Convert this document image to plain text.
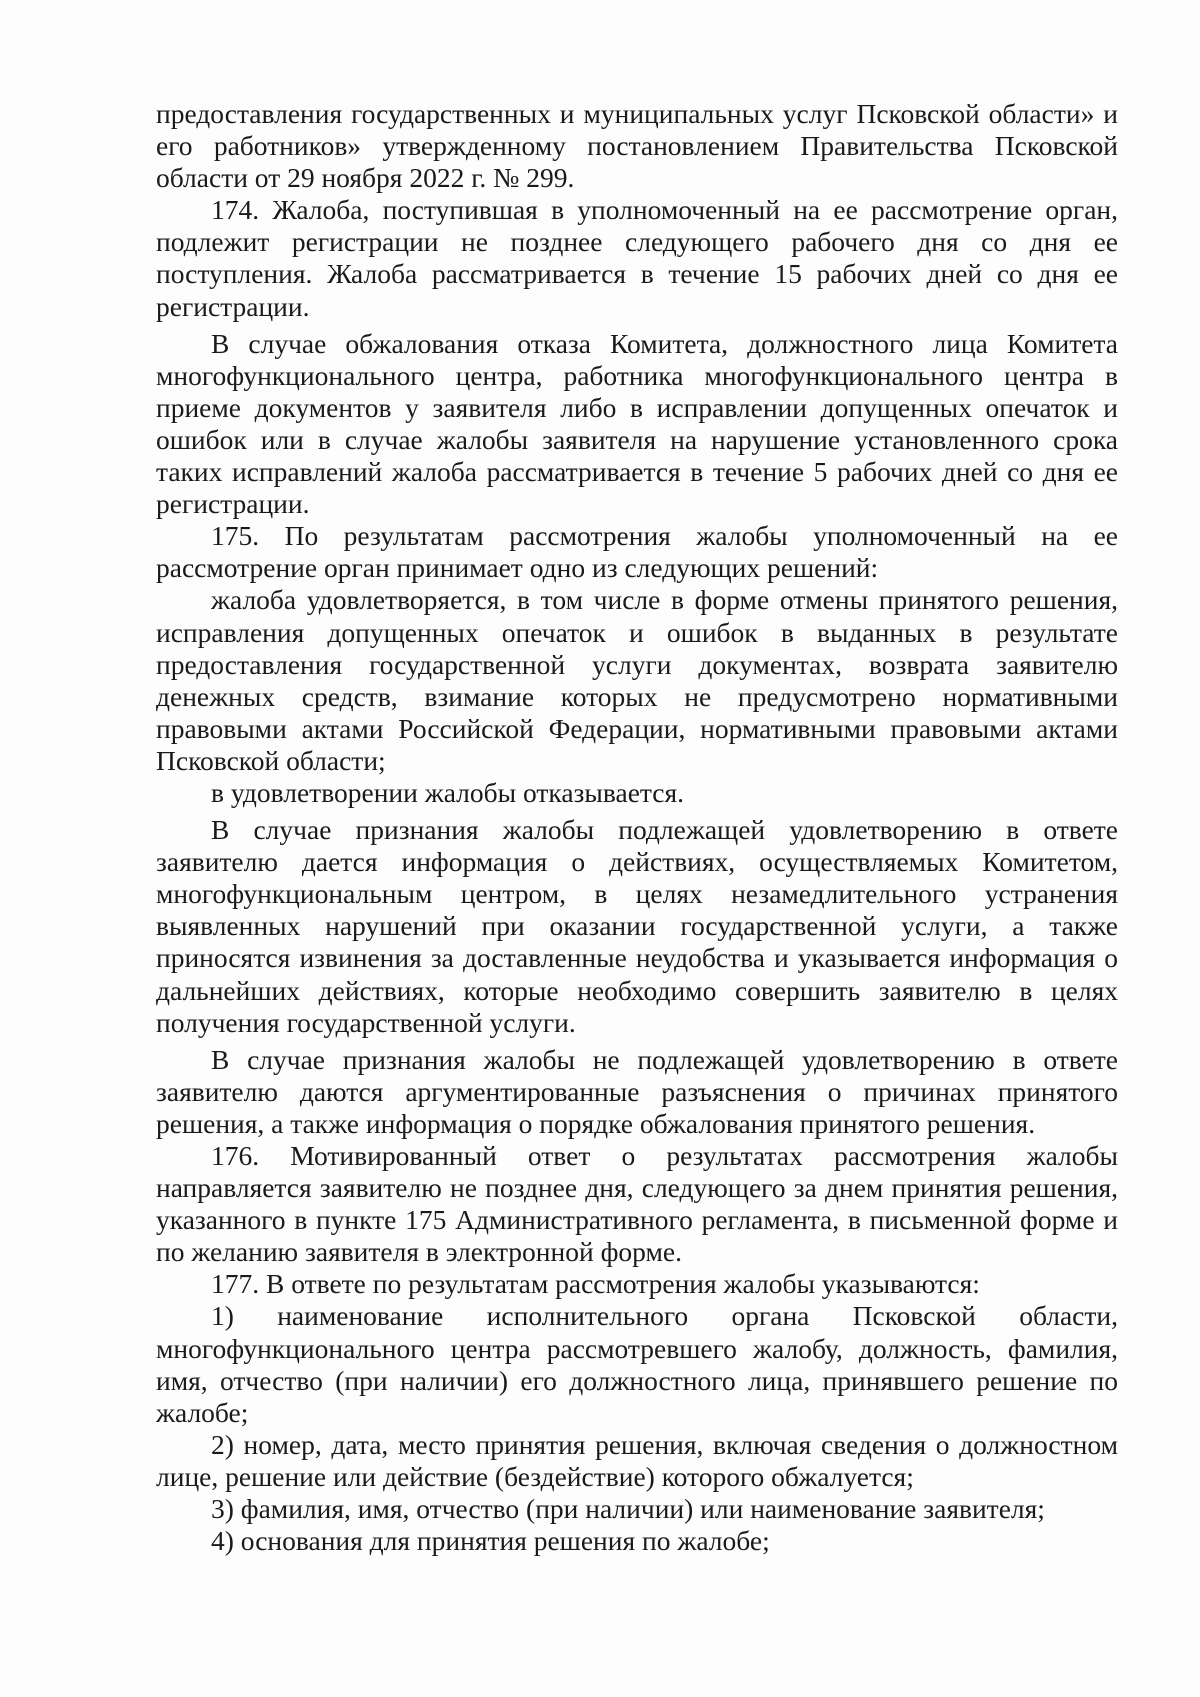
предоставления государственных и муниципальных услуг Псковской области» и его работников» утвержденному постановлением Правительства Псковской области от 29 ноября 2022 г. № 299.

174. Жалоба, поступившая в уполномоченный на ее рассмотрение орган, подлежит регистрации не позднее следующего рабочего дня со дня ее поступления. Жалоба рассматривается в течение 15 рабочих дней со дня ее регистрации.

В случае обжалования отказа Комитета, должностного лица Комитета многофункционального центра, работника многофункционального центра в приеме документов у заявителя либо в исправлении допущенных опечаток и ошибок или в случае жалобы заявителя на нарушение установленного срока таких исправлений жалоба рассматривается в течение 5 рабочих дней со дня ее регистрации.

175. По результатам рассмотрения жалобы уполномоченный на ее рассмотрение орган принимает одно из следующих решений:

жалоба удовлетворяется, в том числе в форме отмены принятого решения, исправления допущенных опечаток и ошибок в выданных в результате предоставления государственной услуги документах, возврата заявителю денежных средств, взимание которых не предусмотрено нормативными правовыми актами Российской Федерации, нормативными правовыми актами Псковской области;

в удовлетворении жалобы отказывается.

В случае признания жалобы подлежащей удовлетворению в ответе заявителю дается информация о действиях, осуществляемых Комитетом, многофункциональным центром, в целях незамедлительного устранения выявленных нарушений при оказании государственной услуги, а также приносятся извинения за доставленные неудобства и указывается информация о дальнейших действиях, которые необходимо совершить заявителю в целях получения государственной услуги.

В случае признания жалобы не подлежащей удовлетворению в ответе заявителю даются аргументированные разъяснения о причинах принятого решения, а также информация о порядке обжалования принятого решения.

176. Мотивированный ответ о результатах рассмотрения жалобы направляется заявителю не позднее дня, следующего за днем принятия решения, указанного в пункте 175 Административного регламента, в письменной форме и по желанию заявителя в электронной форме.

177. В ответе по результатам рассмотрения жалобы указываются:

1) наименование исполнительного органа Псковской области, многофункционального центра рассмотревшего жалобу, должность, фамилия, имя, отчество (при наличии) его должностного лица, принявшего решение по жалобе;

2) номер, дата, место принятия решения, включая сведения о должностном лице, решение или действие (бездействие) которого обжалуется;

3) фамилия, имя, отчество (при наличии) или наименование заявителя;

4) основания для принятия решения по жалобе;
